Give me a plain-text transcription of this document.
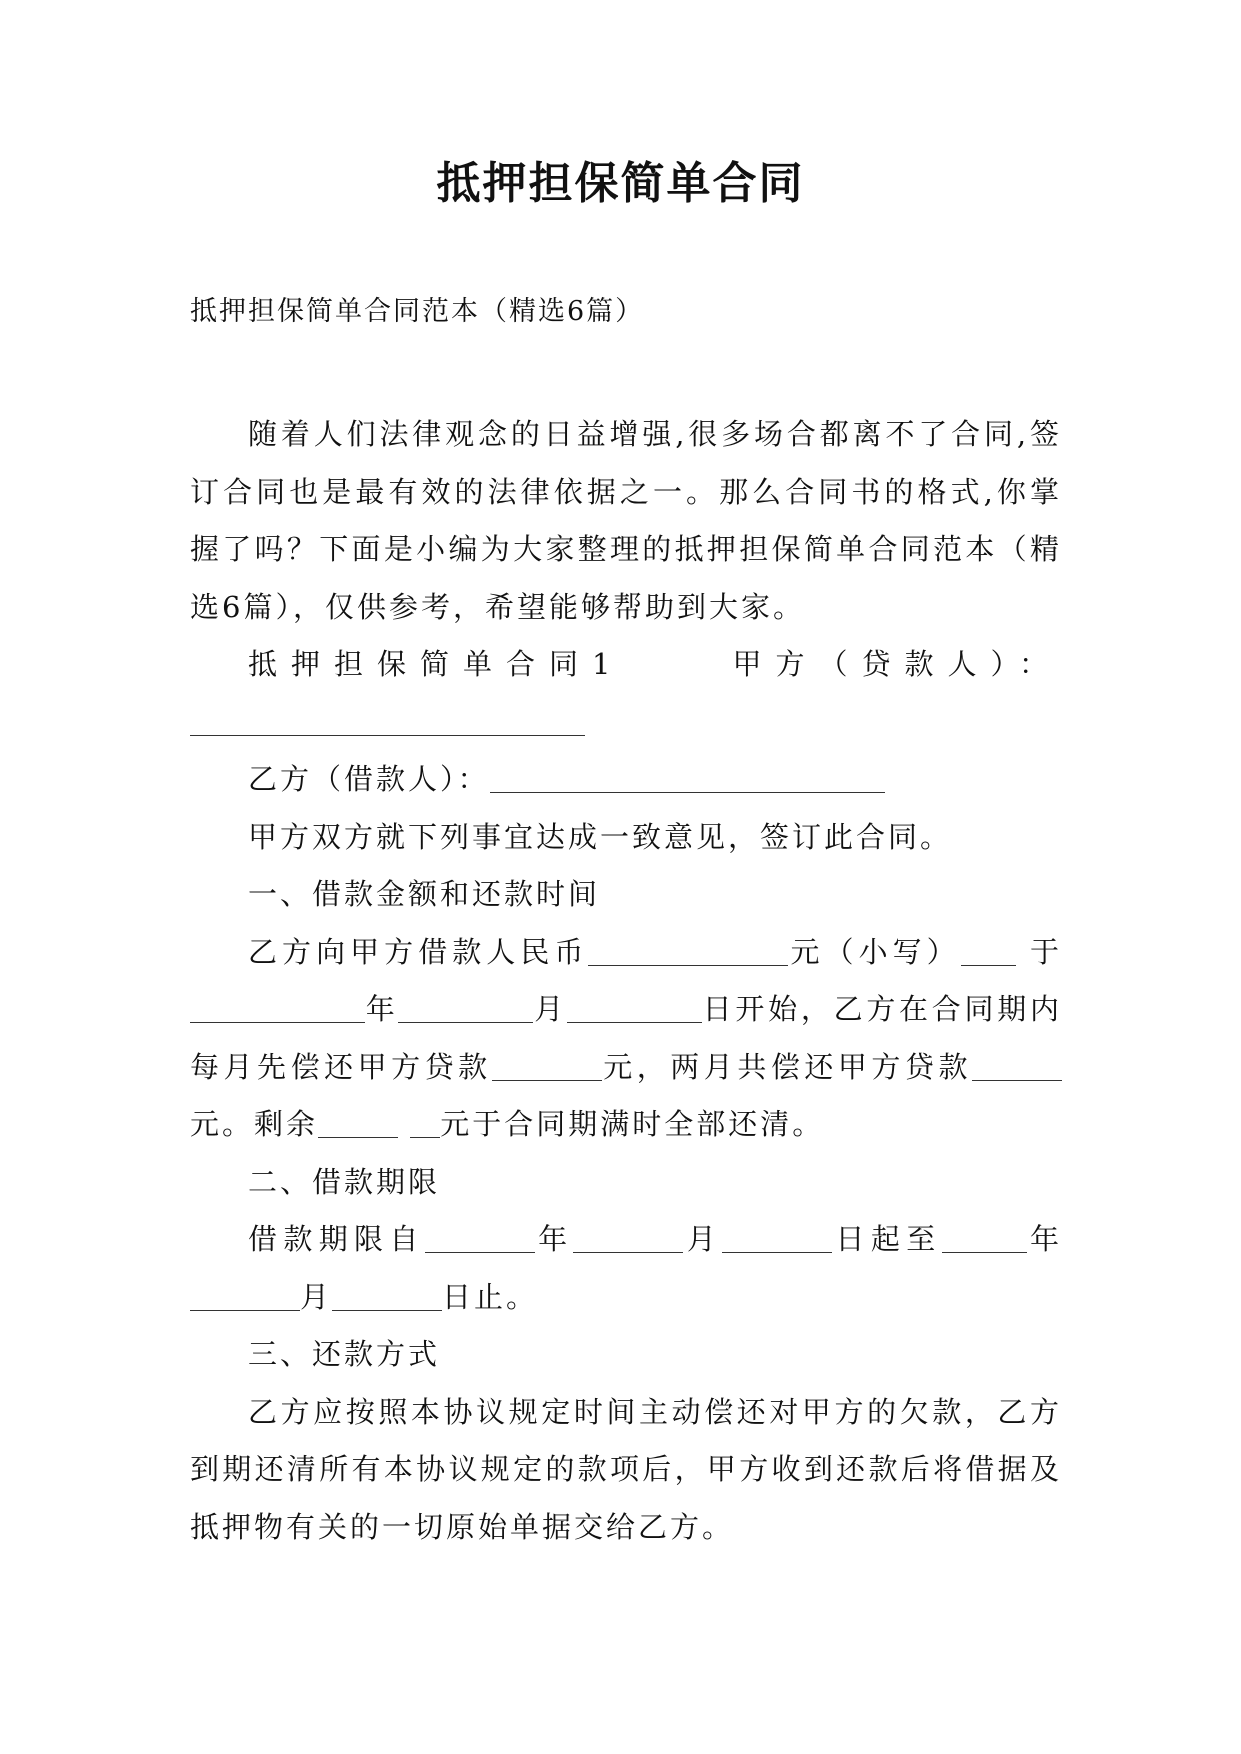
抵押担保简单合同
抵押担保简单合同范本（精选6篇）

随着人们法律观念的日益增强,很多场合都离不了合同,签订合同也是最有效的法律依据之一。那么合同书的格式,你掌握了吗？下面是小编为大家整理的抵押担保简单合同范本（精选6篇），仅供参考，希望能够帮助到大家。

抵押担保简单合同1	甲方（贷款人）：

乙方（借款人）：

甲方双方就下列事宜达成一致意见，签订此合同。

一、借款金额和还款时间

乙方向甲方借款人民币	元（小写） 于年	月	日开始，乙方在合同期内每月先偿还甲方贷款	元，两月共偿还甲方贷款元。剩余	元于合同期满时全部还清。

二、借款期限

借款期限自	年	月	日起至	年月	日止。

三、还款方式

乙方应按照本协议规定时间主动偿还对甲方的欠款，乙方到期还清所有本协议规定的款项后，甲方收到还款后将借据及抵押物有关的一切原始单据交给乙方。
